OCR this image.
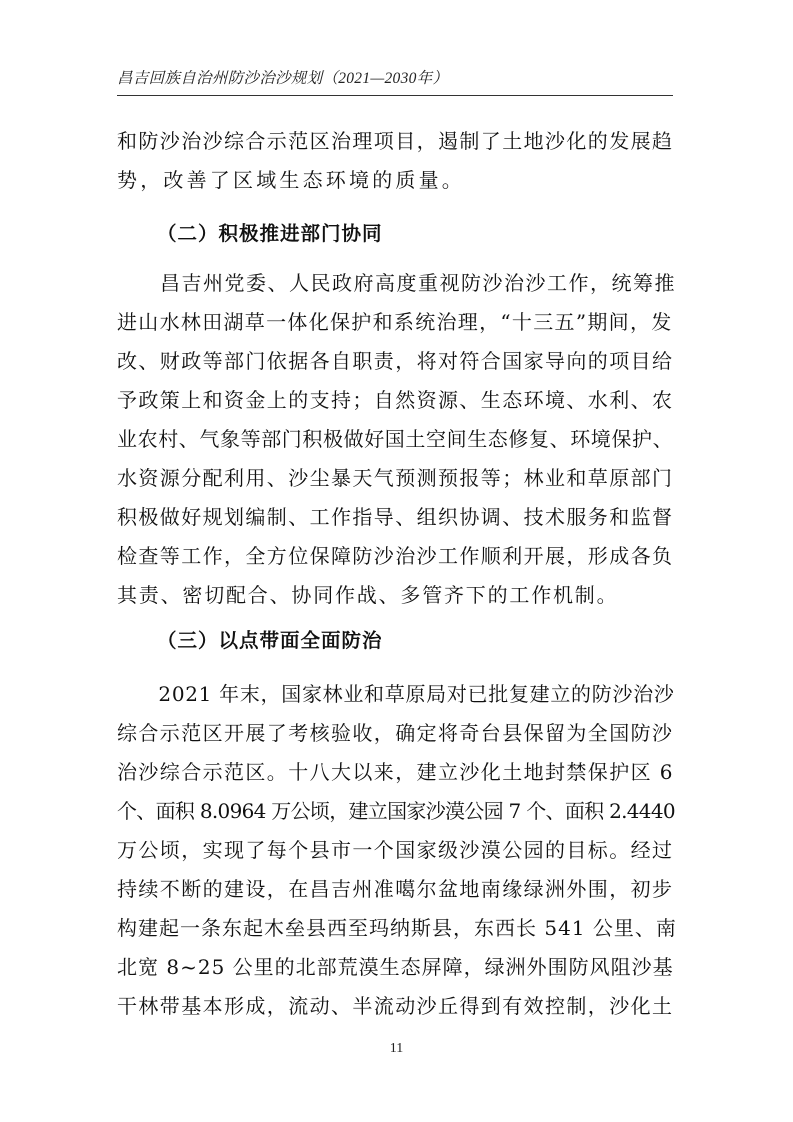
昌吉回族自治州防沙治沙规划（2021—2030年）
和防沙治沙综合示范区治理项目，遏制了土地沙化的发展趋
势，改善了区域生态环境的质量。
（二）积极推进部门协同
　　昌吉州党委、人民政府高度重视防沙治沙工作，统筹推
进山水林田湖草一体化保护和系统治理，“十三五”期间，发
改、财政等部门依据各自职责，将对符合国家导向的项目给
予政策上和资金上的支持；自然资源、生态环境、水利、农
业农村、气象等部门积极做好国土空间生态修复、环境保护、
水资源分配利用、沙尘暴天气预测预报等；林业和草原部门
积极做好规划编制、工作指导、组织协调、技术服务和监督
检查等工作，全方位保障防沙治沙工作顺利开展，形成各负
其责、密切配合、协同作战、多管齐下的工作机制。
（三）以点带面全面防治
　　2021 年末，国家林业和草原局对已批复建立的防沙治沙
综合示范区开展了考核验收，确定将奇台县保留为全国防沙
治沙综合示范区。十八大以来，建立沙化土地封禁保护区 6
个、面积 8.0964 万公顷，建立国家沙漠公园 7 个、面积 2.4440
万公顷，实现了每个县市一个国家级沙漠公园的目标。经过
持续不断的建设，在昌吉州准噶尔盆地南缘绿洲外围，初步
构建起一条东起木垒县西至玛纳斯县，东西长 541 公里、南
北宽 8~25 公里的北部荒漠生态屏障，绿洲外围防风阻沙基
干林带基本形成，流动、半流动沙丘得到有效控制，沙化土
11
